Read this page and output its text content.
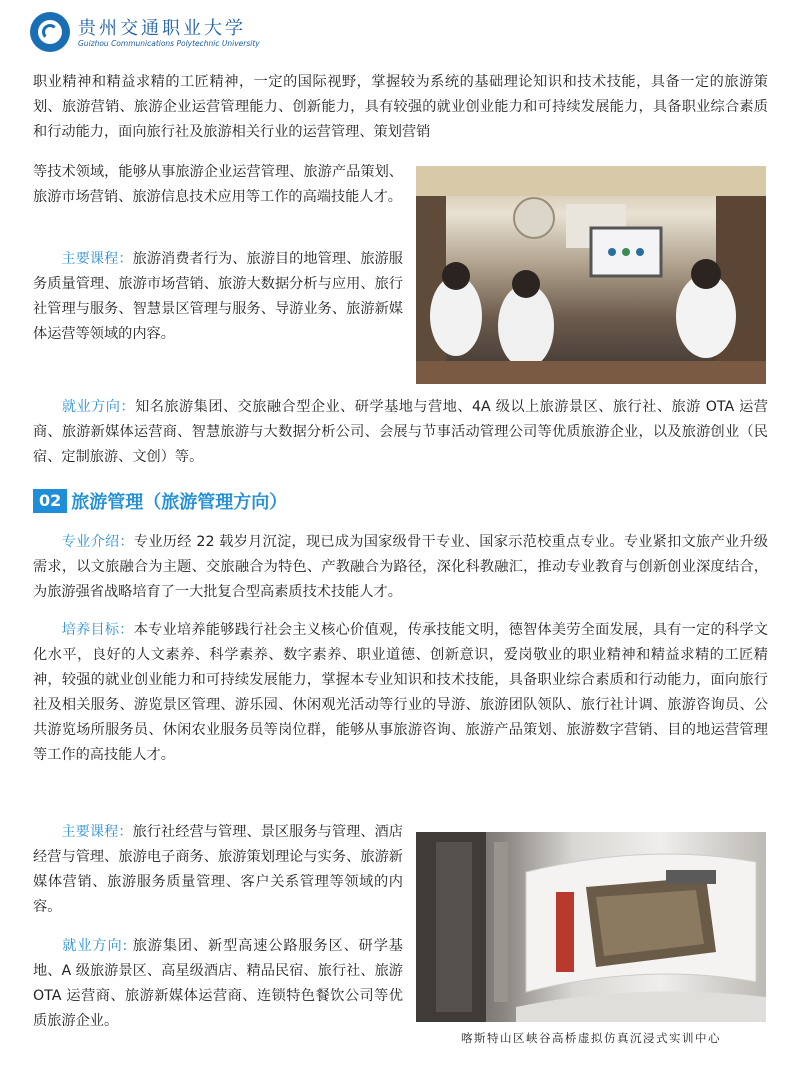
贵州交通职业大学
Guizhou Communications Polytechnic University

职业精神和精益求精的工匠精神，一定的国际视野，掌握较为系统的基础理论知识和技术技能，具备一定的旅游策划、旅游营销、旅游企业运营管理能力、创新能力，具有较强的就业创业能力和可持续发展能力，具备职业综合素质和行动能力，面向旅行社及旅游相关行业的运营管理、策划营销

等技术领域，能够从事旅游企业运营管理、旅游产品策划、旅游市场营销、旅游信息技术应用等工作的高端技能人才。

  主要课程：旅游消费者行为、旅游目的地管理、旅游服务质量管理、旅游市场营销、旅游大数据分析与应用、旅行社管理与服务、智慧景区管理与服务、导游业务、旅游新媒体运营等领域的内容。

  就业方向：知名旅游集团、交旅融合型企业、研学基地与营地、4A 级以上旅游景区、旅行社、旅游 OTA 运营商、旅游新媒体运营商、智慧旅游与大数据分析公司、会展与节事活动管理公司等优质旅游企业，以及旅游创业（民宿、定制旅游、文创）等。

02 旅游管理（旅游管理方向）

  专业介绍：专业历经 22 载岁月沉淀，现已成为国家级骨干专业、国家示范校重点专业。专业紧扣文旅产业升级需求，以文旅融合为主题、交旅融合为特色、产教融合为路径，深化科教融汇，推动专业教育与创新创业深度结合，为旅游强省战略培育了一大批复合型高素质技术技能人才。

  培养目标：本专业培养能够践行社会主义核心价值观，传承技能文明，德智体美劳全面发展，具有一定的科学文化水平，良好的人文素养、科学素养、数字素养、职业道德、创新意识，爱岗敬业的职业精神和精益求精的工匠精神，较强的就业创业能力和可持续发展能力，掌握本专业知识和技术技能，具备职业综合素质和行动能力，面向旅行社及相关服务、游览景区管理、游乐园、休闲观光活动等行业的导游、旅游团队领队、旅行社计调、旅游咨询员、公共游览场所服务员、休闲农业服务员等岗位群，能够从事旅游咨询、旅游产品策划、旅游数字营销、目的地运营管理等工作的高技能人才。

  主要课程：旅行社经营与管理、景区服务与管理、酒店经营与管理、旅游电子商务、旅游策划理论与实务、旅游新媒体营销、旅游服务质量管理、客户关系管理等领域的内容。

  就业方向: 旅游集团、新型高速公路服务区、研学基地、A 级旅游景区、高星级酒店、精品民宿、旅行社、旅游 OTA 运营商、旅游新媒体运营商、连锁特色餐饮公司等优质旅游企业。

喀斯特山区峡谷高桥虚拟仿真沉浸式实训中心
